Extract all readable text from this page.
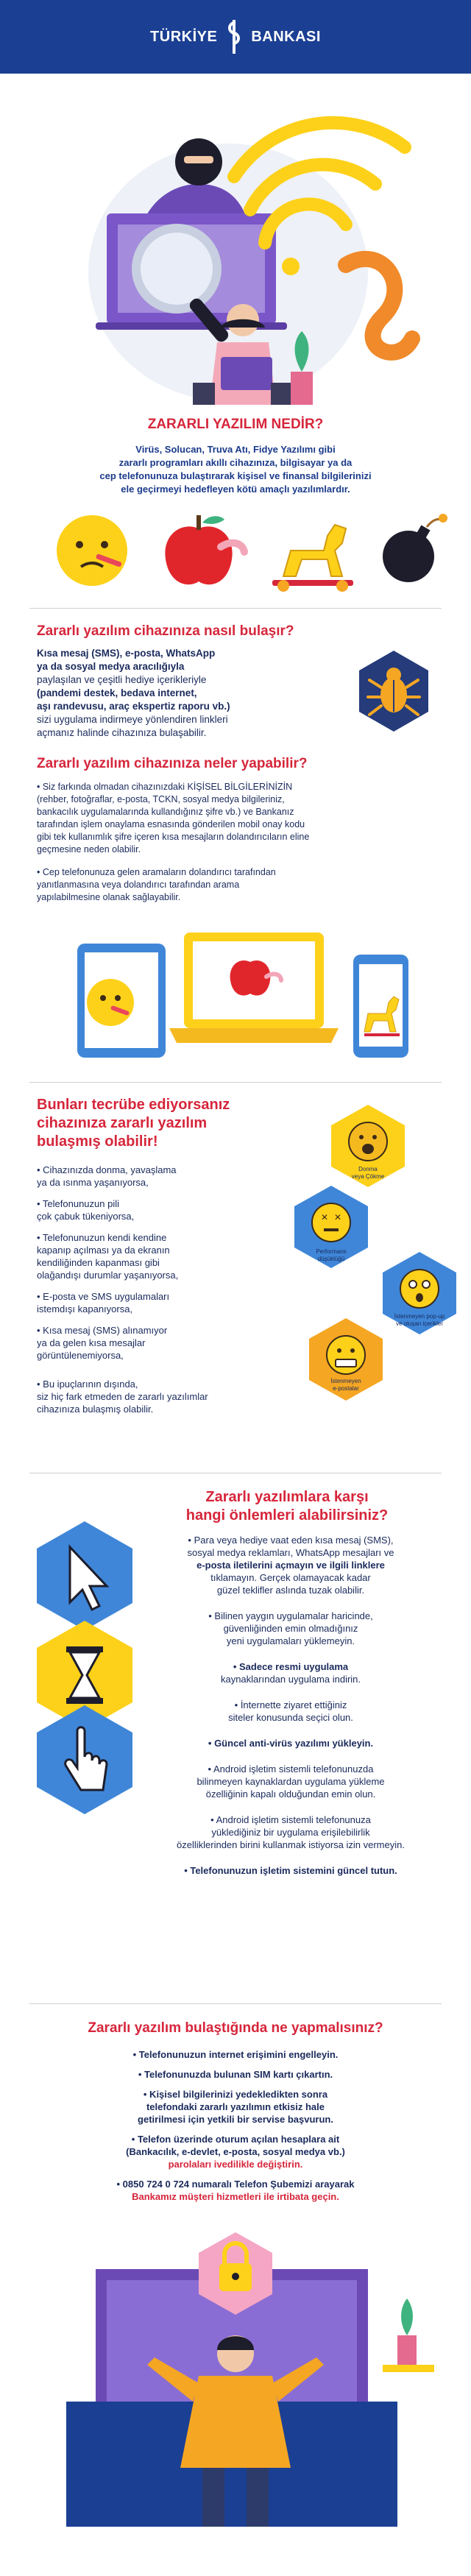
TÜRKİYE BANKASI
ZARARLI YAZILIM NEDİR?
Virüs, Solucan, Truva Atı, Fidye Yazılımı gibi
zararlı programları akıllı cihazınıza, bilgisayar ya da
cep telefonunuza bulaştırarak kişisel ve finansal bilgilerinizi
ele geçirmeyi hedefleyen kötü amaçlı yazılımlardır.
Zararlı yazılım cihazınıza nasıl bulaşır?
Kısa mesaj (SMS), e-posta, WhatsApp
ya da sosyal medya aracılığıyla
paylaşılan ve çeşitli hediye içerikleriyle
(pandemi destek, bedava internet,
aşı randevusu, araç ekspertiz raporu vb.)
sizi uygulama indirmeye yönlendiren linkleri
açmanız halinde cihazınıza bulaşabilir.
Zararlı yazılım cihazınıza neler yapabilir?
• Siz farkında olmadan cihazınızdaki KİŞİSEL BİLGİLERİNİZİN
(rehber, fotoğraflar, e-posta, TCKN, sosyal medya bilgileriniz,
bankacılık uygulamalarında kullandığınız şifre vb.) ve Bankanız
tarafından işlem onaylama esnasında gönderilen mobil onay kodu
gibi tek kullanımlık şifre içeren kısa mesajların dolandırıcıların eline
geçmesine neden olabilir.
• Cep telefonunuza gelen aramaların dolandırıcı tarafından
yanıtlanmasına veya dolandırıcı tarafından arama
yapılabilmesine olanak sağlayabilir.
Bunları tecrübe ediyorsanız
cihazınıza zararlı yazılım
bulaşmış olabilir!
• Cihazınızda donma, yavaşlama
ya da ısınma yaşanıyorsa,
• Telefonunuzun pili
çok çabuk tükeniyorsa,
• Telefonunuzun kendi kendine
kapanıp açılması ya da ekranın
kendiliğinden kapanması gibi
olağandışı durumlar yaşanıyorsa,
• E-posta ve SMS uygulamaları
istemdışı kapanıyorsa,
• Kısa mesaj (SMS) alınamıyor
ya da gelen kısa mesajlar
görüntülenemiyorsa,
• Bu ipuçlarının dışında,
siz hiç fark etmeden de zararlı yazılımlar
cihazınıza bulaşmış olabilir.
Donma
veya Çökme
✕ ✕
Performans
düşüklüğü
İstenmeyen pop-up
ve oluşan içerikler
İstenmeyen
e-postalar
Zararlı yazılımlara karşı
hangi önlemleri alabilirsiniz?
• Para veya hediye vaat eden kısa mesaj (SMS),
sosyal medya reklamları, WhatsApp mesajları ve
e-posta iletilerini açmayın ve ilgili linklere
tıklamayın. Gerçek olamayacak kadar
güzel teklifler aslında tuzak olabilir.
• Bilinen yaygın uygulamalar haricinde,
güvenliğinden emin olmadığınız
yeni uygulamaları yüklemeyin.
• Sadece resmi uygulama
kaynaklarından uygulama indirin.
• İnternette ziyaret ettiğiniz
siteler konusunda seçici olun.
• Güncel anti-virüs yazılımı yükleyin.
• Android işletim sistemli telefonunuzda
bilinmeyen kaynaklardan uygulama yükleme
özelliğinin kapalı olduğundan emin olun.
• Android işletim sistemli telefonunuza
yüklediğiniz bir uygulama erişilebilirlik
özelliklerinden birini kullanmak istiyorsa izin vermeyin.
• Telefonunuzun işletim sistemini güncel tutun.
Zararlı yazılım bulaştığında ne yapmalısınız?
• Telefonunuzun internet erişimini engelleyin.
• Telefonunuzda bulunan SIM kartı çıkartın.
• Kişisel bilgilerinizi yedekledikten sonra
telefondaki zararlı yazılımın etkisiz hale
getirilmesi için yetkili bir servise başvurun.
• Telefon üzerinde oturum açılan hesaplara ait
(Bankacılık, e-devlet, e-posta, sosyal medya vb.)
parolaları ivedilikle değiştirin.
• 0850 724 0 724 numaralı Telefon Şubemizi arayarak
Bankamız müşteri hizmetleri ile irtibata geçin.
